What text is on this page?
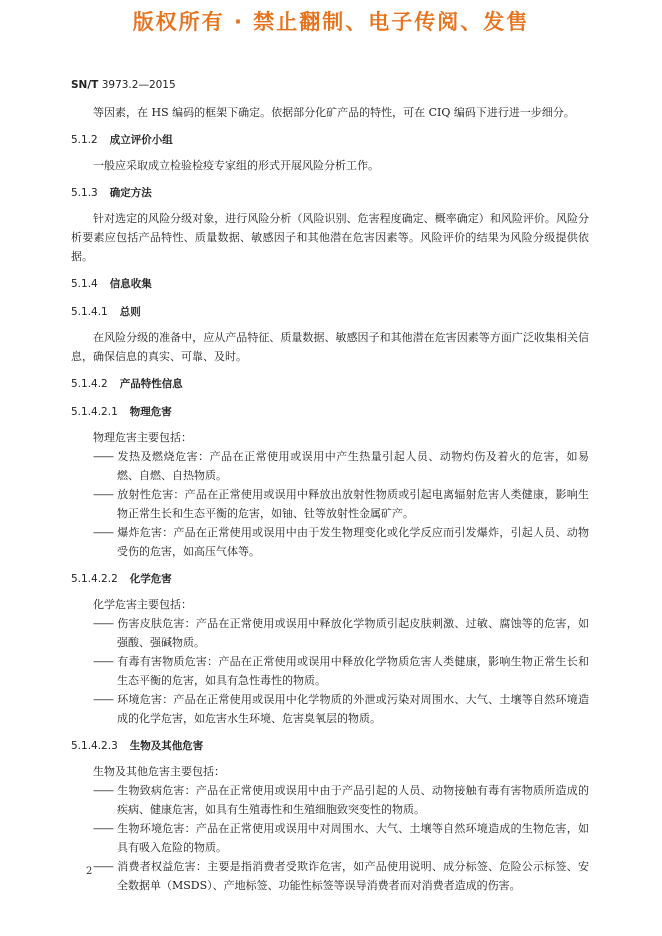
版权所有 · 禁止翻制、电子传阅、发售
SN/T 3973.2—2015

等因素，在 HS 编码的框架下确定。依据部分化矿产品的特性，可在 CIQ 编码下进行进一步细分。

5.1.2 成立评价小组

一般应采取成立检验检疫专家组的形式开展风险分析工作。

5.1.3 确定方法

针对选定的风险分级对象，进行风险分析（风险识别、危害程度确定、概率确定）和风险评价。风险分析要素应包括产品特性、质量数据、敏感因子和其他潜在危害因素等。风险评价的结果为风险分级提供依据。

5.1.4 信息收集
5.1.4.1 总则

在风险分级的准备中，应从产品特征、质量数据、敏感因子和其他潜在危害因素等方面广泛收集相关信息，确保信息的真实、可靠、及时。

5.1.4.2 产品特性信息
5.1.4.2.1 物理危害

物理危害主要包括：

—— 发热及燃烧危害：产品在正常使用或误用中产生热量引起人员、动物灼伤及着火的危害，如易燃、自燃、自热物质。

—— 放射性危害：产品在正常使用或误用中释放出放射性物质或引起电离辐射危害人类健康，影响生物正常生长和生态平衡的危害，如铀、钍等放射性金属矿产。

—— 爆炸危害：产品在正常使用或误用中由于发生物理变化或化学反应而引发爆炸，引起人员、动物受伤的危害，如高压气体等。

5.1.4.2.2 化学危害

化学危害主要包括：

—— 伤害皮肤危害：产品在正常使用或误用中释放化学物质引起皮肤刺激、过敏、腐蚀等的危害，如强酸、强碱物质。

—— 有毒有害物质危害：产品在正常使用或误用中释放化学物质危害人类健康，影响生物正常生长和生态平衡的危害，如具有急性毒性的物质。

—— 环境危害：产品在正常使用或误用中化学物质的外泄或污染对周围水、大气、土壤等自然环境造成的化学危害，如危害水生环境、危害臭氧层的物质。

5.1.4.2.3 生物及其他危害

生物及其他危害主要包括：

—— 生物致病危害：产品在正常使用或误用中由于产品引起的人员、动物接触有毒有害物质所造成的疾病、健康危害，如具有生殖毒性和生殖细胞致突变性的物质。

—— 生物环境危害：产品在正常使用或误用中对周围水、大气、土壤等自然环境造成的生物危害，如具有吸入危险的物质。

—— 消费者权益危害：主要是指消费者受欺诈危害，如产品使用说明、成分标签、危险公示标签、安全数据单（MSDS）、产地标签、功能性标签等误导消费者而对消费者造成的伤害。

2
